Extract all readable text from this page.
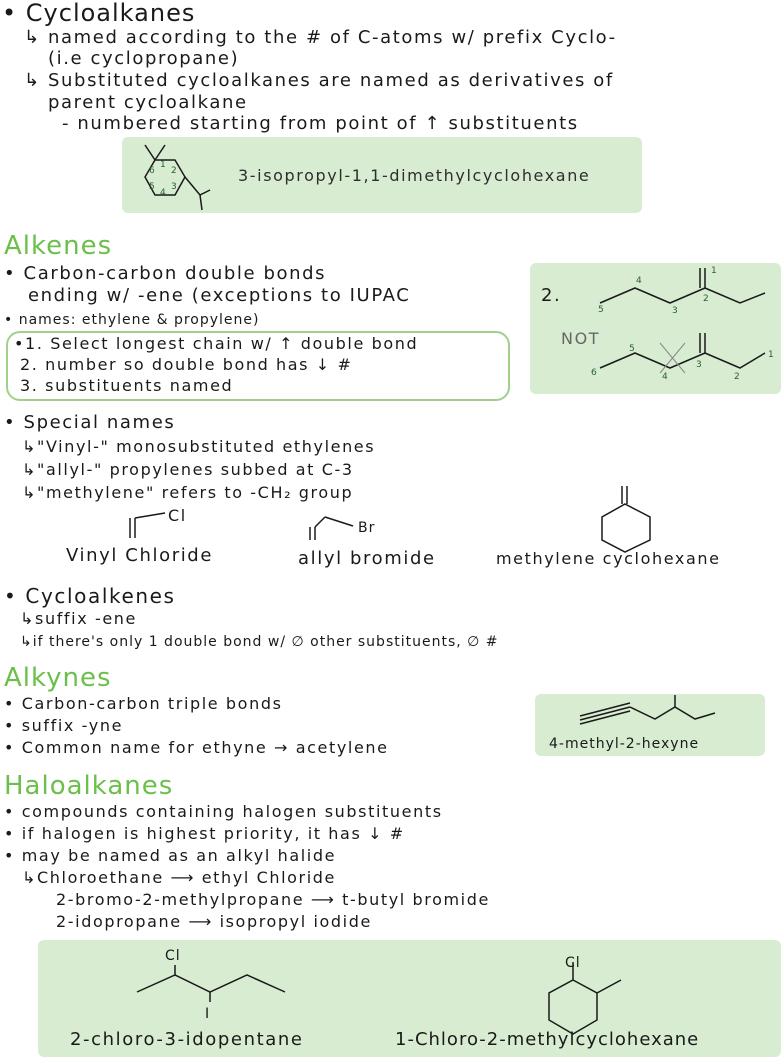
• Cycloalkanes
↳ named according to the # of C-atoms w/ prefix Cyclo-
(i.e cyclopropane)
↳ Substituted cycloalkanes are named as derivatives of
parent cycloalkane
- numbered starting from point of ↑ substituents
6
1
2
5
4
3
3-isopropyl-1,1-dimethylcyclohexane
Alkenes
• Carbon-carbon double bonds
ending w/ -ene (exceptions to IUPAC
• names: ethylene & propylene)
•1. Select longest chain w/ ↑ double bond
2. number so double bond has ↓ #
3. substituents named
2.
NOT
5
4
3
2
1
6
5
4
3
2
1
• Special names
↳"Vinyl-" monosubstituted ethylenes
↳"allyl-" propylenes subbed at C-3
↳"methylene" refers to -CH₂ group
Cl
Br
Vinyl Chloride	allyl bromide	methylene cyclohexane
• Cycloalkenes
↳suffix -ene
↳if there's only 1 double bond w/ ∅ other substituents, ∅ #
Alkynes
• Carbon-carbon triple bonds
• suffix -yne
• Common name for ethyne → acetylene	4-methyl-2-hexyne
Haloalkanes
• compounds containing halogen substituents
• if halogen is highest priority, it has ↓ #
• may be named as an alkyl halide
↳Chloroethane ⟶ ethyl Chloride
2-bromo-2-methylpropane ⟶ t-butyl bromide
2-idopropane ⟶ isopropyl iodide
Cl
I
Cl
2-chloro-3-idopentane	1-Chloro-2-methylcyclohexane
